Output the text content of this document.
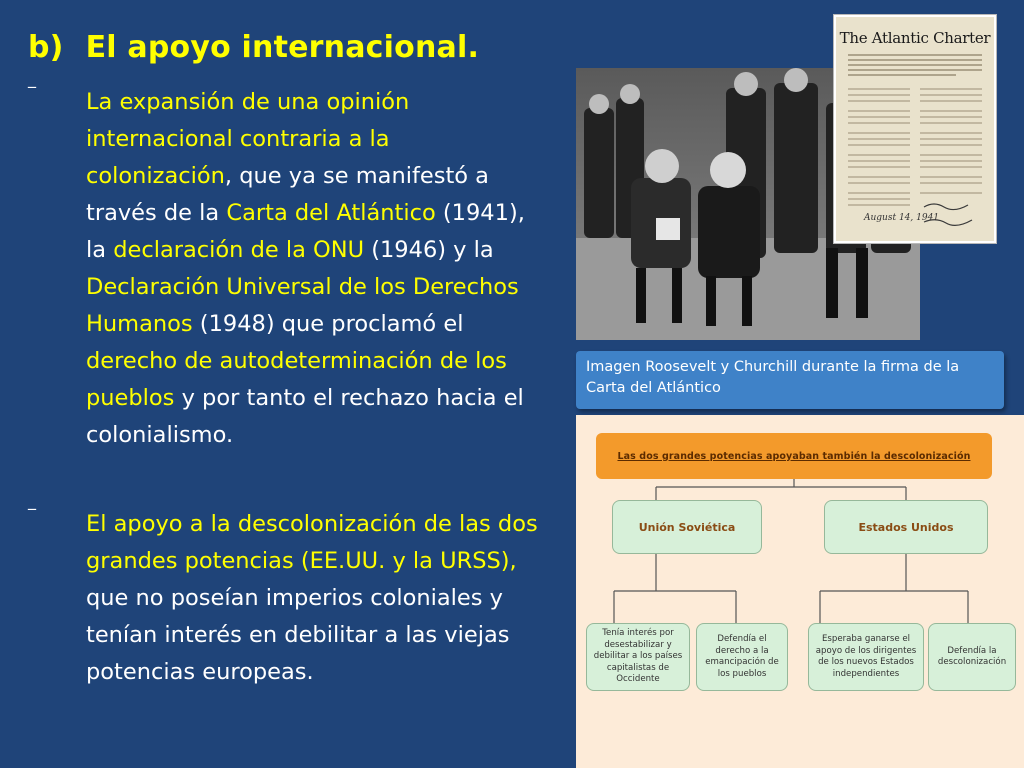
b) El apoyo internacional.
‾	La expansión de una opinión internacional contraria a la colonización, que ya se manifestó a través de la Carta del Atlántico (1941), la declaración de la ONU (1946) y la Declaración Universal de los Derechos Humanos (1948) que proclamó el derecho de autodeterminación de los pueblos y por tanto el rechazo hacia el colonialismo.
‾	El apoyo a la descolonización de las dos grandes potencias (EE.UU. y la URSS), que no poseían imperios coloniales y tenían interés en debilitar a las viejas potencias europeas.
The Atlantic Charter
August 14, 1941
Imagen Roosevelt y Churchill durante la firma de la Carta del Atlántico
Las dos grandes potencias apoyaban también la descolonización
Unión Soviética	Estados Unidos
Tenía interés por desestabilizar y debilitar a los países capitalistas de Occidente
Defendía el derecho a la emancipación de los pueblos
Esperaba ganarse el apoyo de los dirigentes de los nuevos Estados independientes
Defendía la descolonización
